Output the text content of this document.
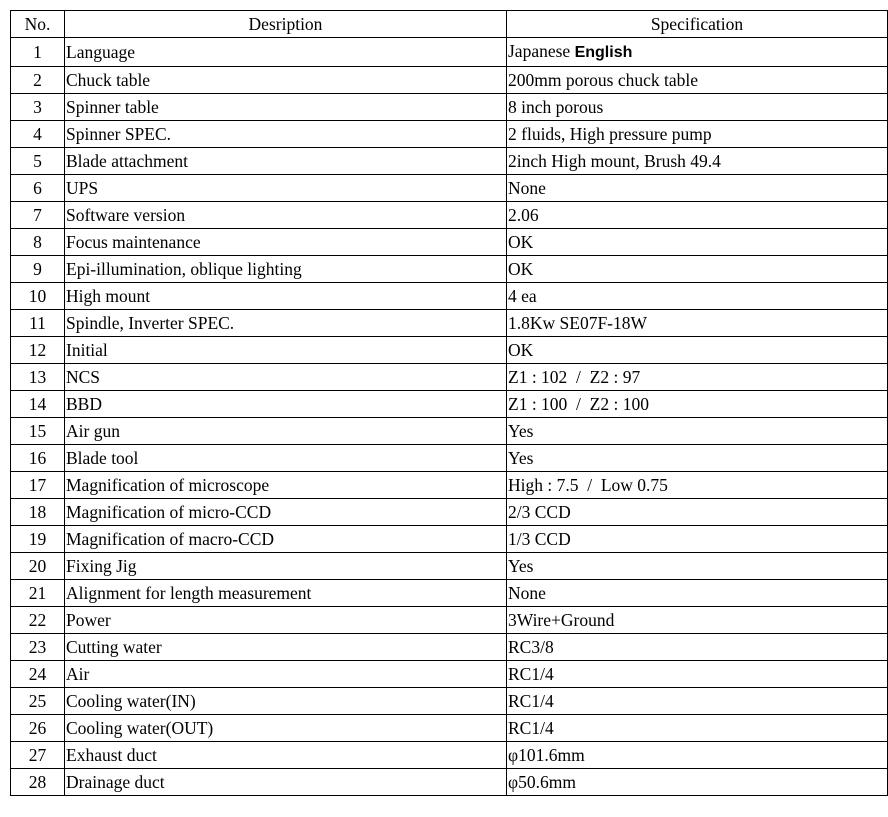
No.	Desription	Specification
1	Language	Japanese English
2	Chuck table	200mm porous chuck table
3	Spinner table	8 inch porous
4	Spinner SPEC.	2 fluids, High pressure pump
5	Blade attachment	2inch High mount, Brush 49.4
6	UPS	None
7	Software version	2.06
8	Focus maintenance	OK
9	Epi-illumination, oblique lighting	OK
10	High mount	4 ea
11	Spindle, Inverter SPEC.	1.8Kw SE07F-18W
12	Initial	OK
13	NCS	Z1 : 102  /  Z2 : 97
14	BBD	Z1 : 100  /  Z2 : 100
15	Air gun	Yes
16	Blade tool	Yes
17	Magnification of microscope	High : 7.5  /  Low 0.75
18	Magnification of micro-CCD	2/3 CCD
19	Magnification of macro-CCD	1/3 CCD
20	Fixing Jig	Yes
21	Alignment for length measurement	None
22	Power	3Wire+Ground
23	Cutting water	RC3/8
24	Air	RC1/4
25	Cooling water(IN)	RC1/4
26	Cooling water(OUT)	RC1/4
27	Exhaust duct	φ101.6mm
28	Drainage duct	φ50.6mm
